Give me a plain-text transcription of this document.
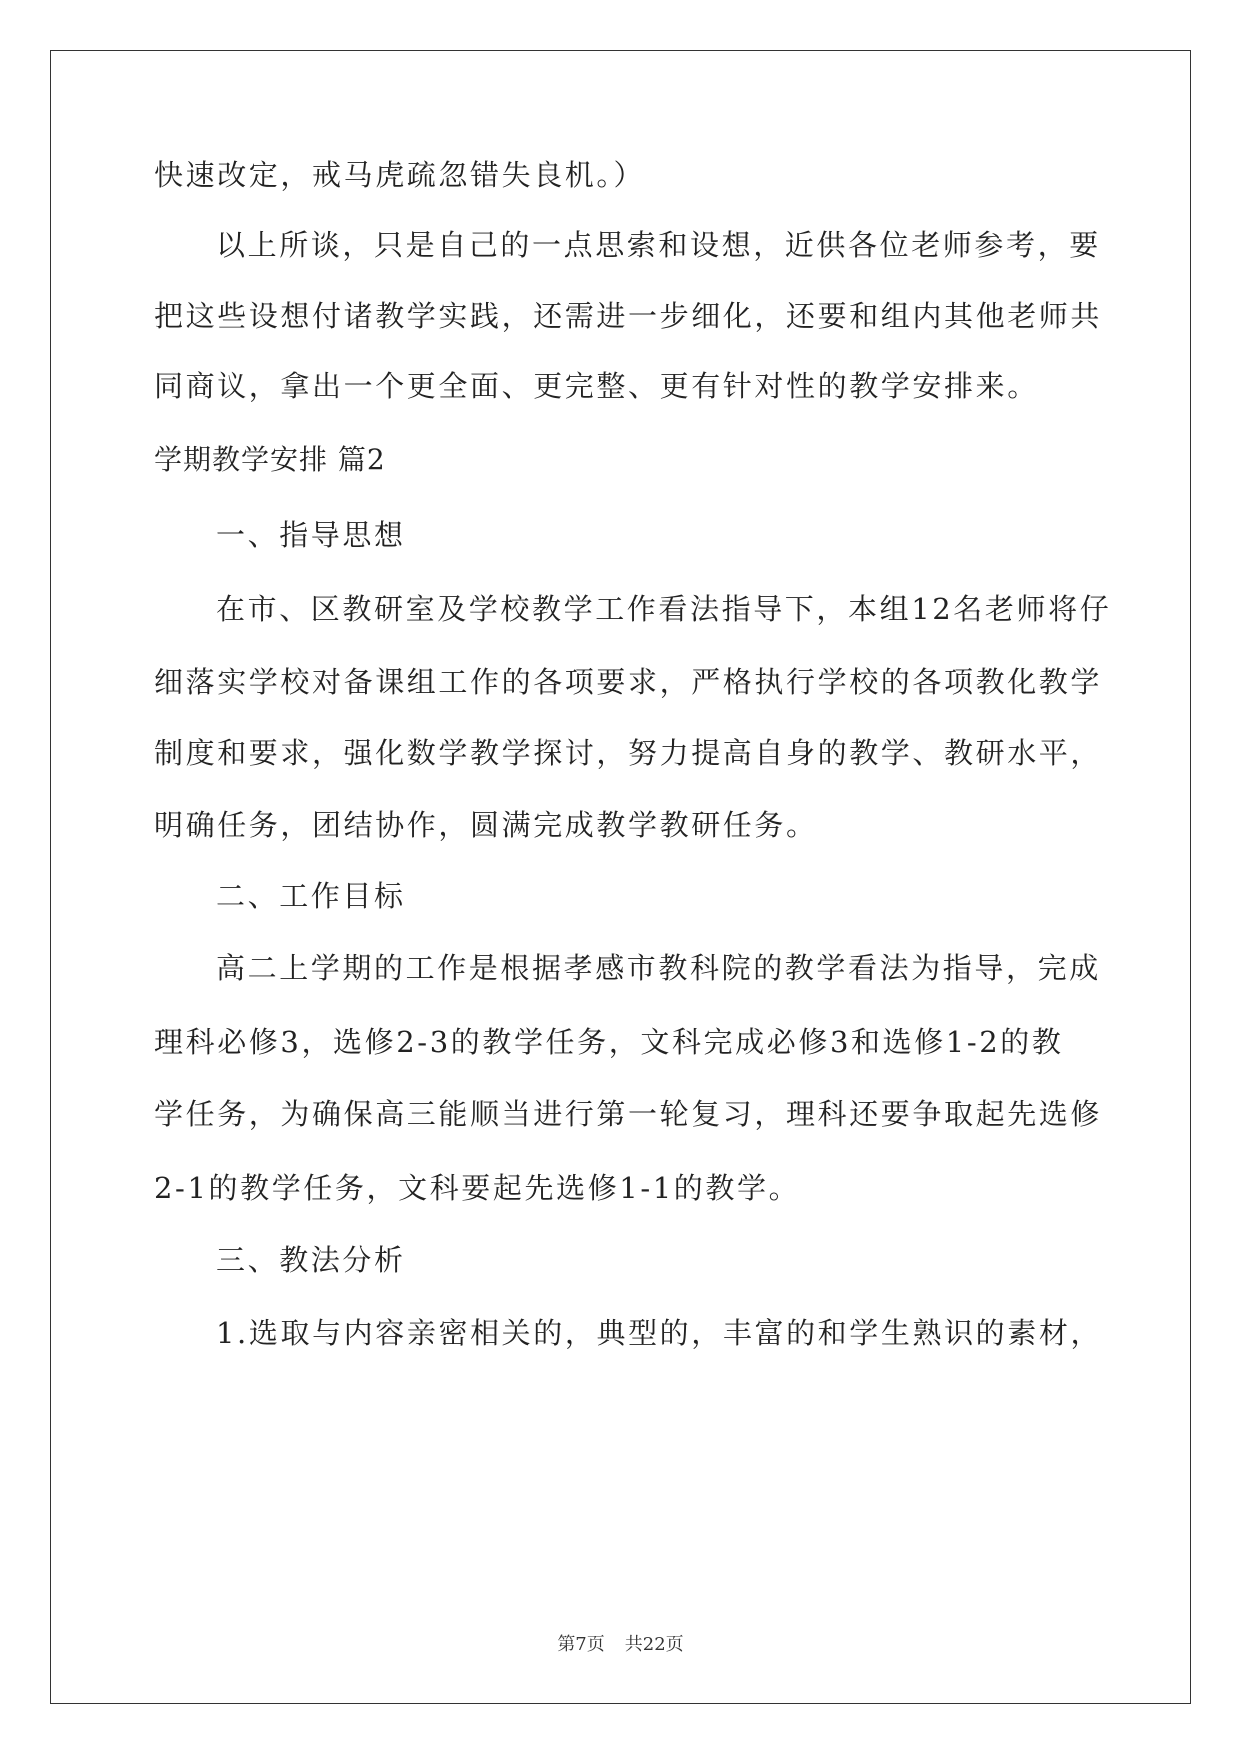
快速改定，戒马虎疏忽错失良机。）
以上所谈，只是自己的一点思索和设想，近供各位老师参考，要
把这些设想付诸教学实践，还需进一步细化，还要和组内其他老师共
同商议，拿出一个更全面、更完整、更有针对性的教学安排来。
学期教学安排 篇2
一、指导思想
在市、区教研室及学校教学工作看法指导下，本组12名老师将仔
细落实学校对备课组工作的各项要求，严格执行学校的各项教化教学
制度和要求，强化数学教学探讨，努力提高自身的教学、教研水平，
明确任务，团结协作，圆满完成教学教研任务。
二、工作目标
高二上学期的工作是根据孝感市教科院的教学看法为指导，完成
理科必修3，选修2-3的教学任务，文科完成必修3和选修1-2的教
学任务，为确保高三能顺当进行第一轮复习，理科还要争取起先选修
2-1的教学任务，文科要起先选修1-1的教学。
三、教法分析
1.选取与内容亲密相关的，典型的，丰富的和学生熟识的素材，
第7页 共22页
